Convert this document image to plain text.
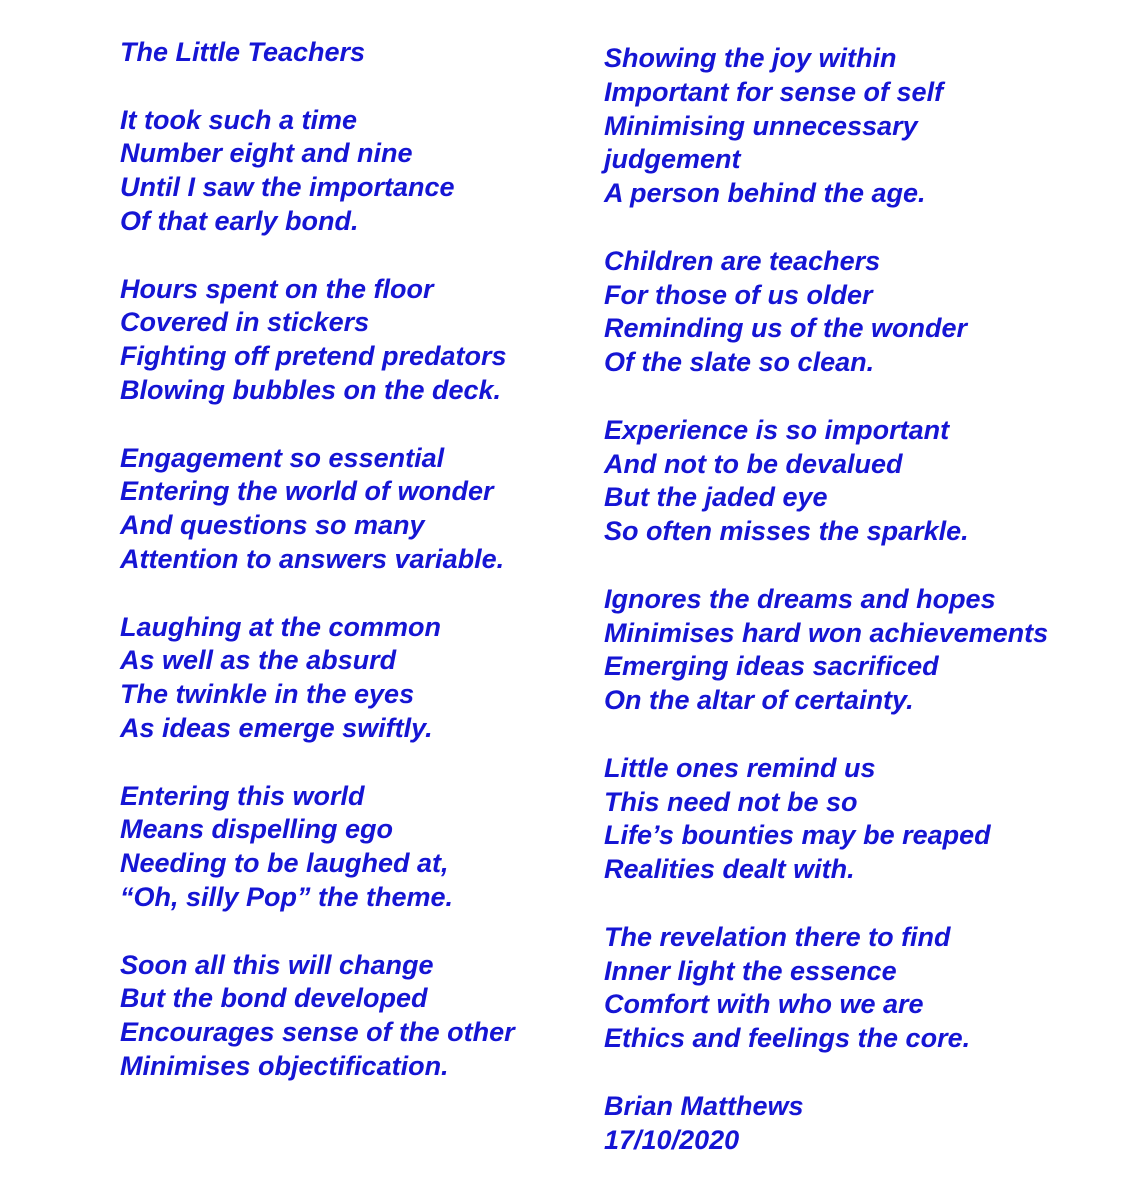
The Little Teachers
It took such a time
Number eight and nine
Until I saw the importance
Of that early bond.
Hours spent on the floor
Covered in stickers
Fighting off pretend predators
Blowing bubbles on the deck.
Engagement so essential
Entering the world of wonder
And questions so many
Attention to answers variable.
Laughing at the common
As well as the absurd
The twinkle in the eyes
As ideas emerge swiftly.
Entering this world
Means dispelling ego
Needing to be laughed at,
“Oh, silly Pop” the theme.
Soon all this will change
But the bond developed
Encourages sense of the other
Minimises objectification.
Showing the joy within
Important for sense of self
Minimising unnecessary
judgement
A person behind the age.
Children are teachers
For those of us older
Reminding us of the wonder
Of the slate so clean.
Experience is so important
And not to be devalued
But the jaded eye
So often misses the sparkle.
Ignores the dreams and hopes
Minimises hard won achievements
Emerging ideas sacrificed
On the altar of certainty.
Little ones remind us
This need not be so
Life’s bounties may be reaped
Realities dealt with.
The revelation there to find
Inner light the essence
Comfort with who we are
Ethics and feelings the core.
Brian Matthews
17/10/2020
